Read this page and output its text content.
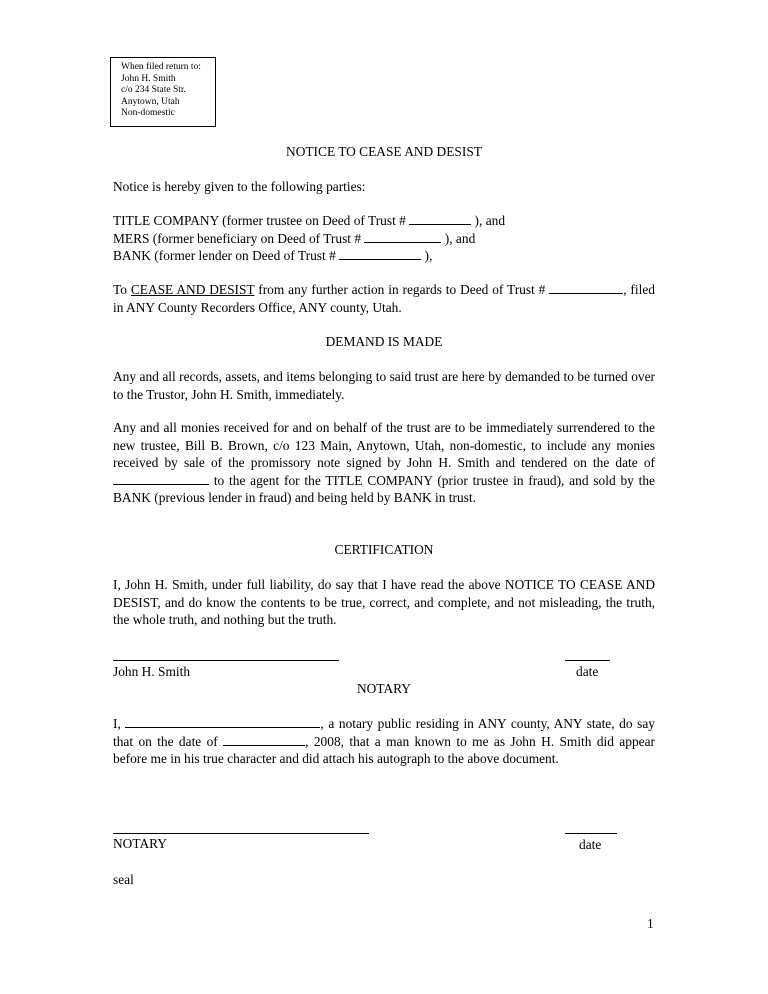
When filed return to:
John H. Smith
c/o 234 State Str.
Anytown, Utah
Non-domestic
NOTICE TO CEASE AND DESIST
Notice is hereby given to the following parties:
TITLE COMPANY (former trustee on Deed of Trust #	), and
MERS (former beneficiary on Deed of Trust #	), and
BANK (former lender on Deed of Trust #	),
To CEASE AND DESIST from any further action in regards to Deed of Trust #	, filed in ANY County Recorders Office, ANY county, Utah.
DEMAND IS MADE
Any and all records, assets, and items belonging to said trust are here by demanded to be turned over to the Trustor, John H. Smith, immediately.
Any and all monies received for and on behalf of the trust are to be immediately surrendered to the new trustee, Bill B. Brown, c/o 123 Main, Anytown, Utah, non-domestic, to include any monies received by sale of the promissory note signed by John H. Smith and tendered on the date of  to the agent for the TITLE COMPANY (prior trustee in fraud), and sold by the BANK (previous lender in fraud) and being held by BANK in trust.
CERTIFICATION
I, John H. Smith, under full liability, do say that I have read the above NOTICE TO CEASE AND DESIST, and do know the contents to be true, correct, and complete, and not misleading, the truth, the whole truth, and nothing but the truth.
John H. Smith	date
NOTARY
I,	, a notary public residing in ANY county, ANY state, do say that on the date of	, 2008, that a man known to me as John H. Smith did appear before me in his true character and did attach his autograph to the above document.
NOTARY	date
seal
1
